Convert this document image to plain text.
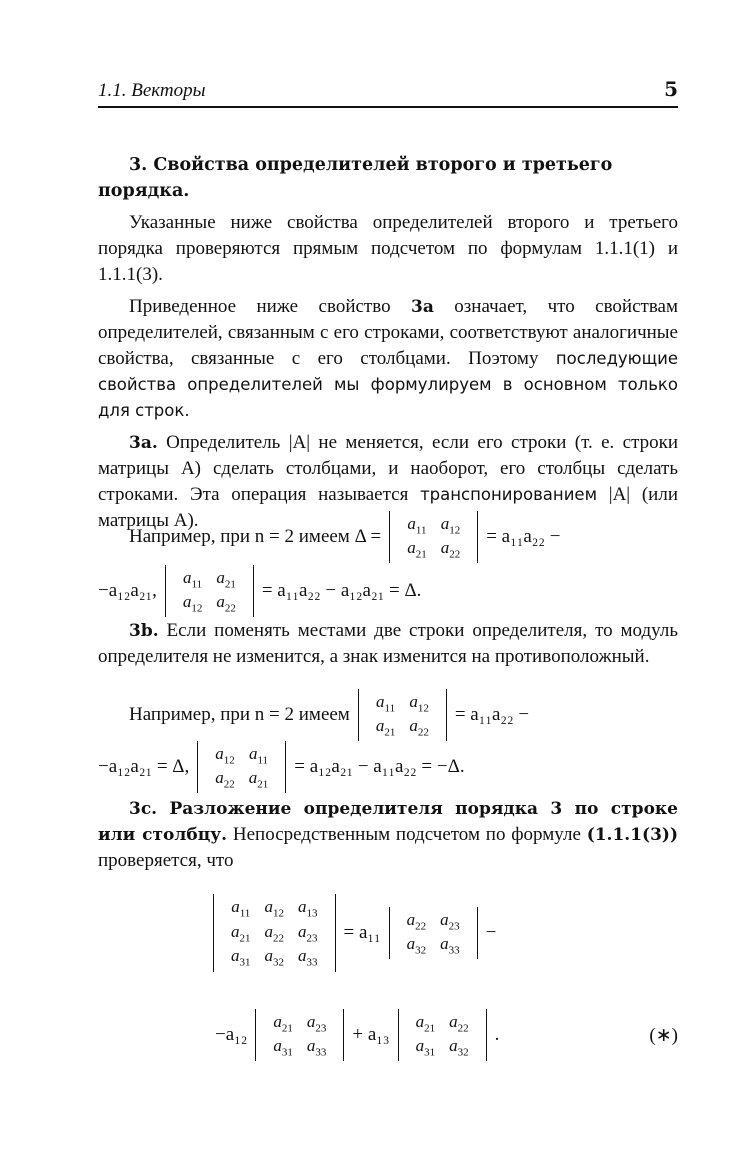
1.1. Векторы	5

3. Свойства определителей второго и третьего порядка.

Указанные ниже свойства определителей второго и третьего порядка проверяются прямым подсчетом по формулам 1.1.1(1) и 1.1.1(3).

Приведенное ниже свойство 3а означает, что свойствам определителей, связанным с его строками, соответствуют аналогичные свойства, связанные с его столбцами. Поэтому последующие свойства определителей мы формулируем в основном только для строк.

3а. Определитель |A| не меняется, если его строки (т. е. строки матрицы A) сделать столбцами, и наоборот, его столбцы сделать строками. Эта операция называется транспонированием |A| (или матрицы A).

Например, при n = 2 имеем Δ =
$a_{11}$	$a_{12}$
$a_{21}$	$a_{22}$
= a₁₁a₂₂ −
−a₁₂a₂₁,
$a_{11}$	$a_{21}$
$a_{12}$	$a_{22}$
= a₁₁a₂₂ − a₁₂a₂₁ = Δ.

3b. Если поменять местами две строки определителя, то модуль определителя не изменится, а знак изменится на противоположный.

Например, при n = 2 имеем
$a_{11}$	$a_{12}$
$a_{21}$	$a_{22}$
= a₁₁a₂₂ −
−a₁₂a₂₁ = Δ,
$a_{12}$	$a_{11}$
$a_{22}$	$a_{21}$
= a₁₂a₂₁ − a₁₁a₂₂ = −Δ.

3с. Разложение определителя порядка 3 по строке или столбцу. Непосредственным подсчетом по формуле (1.1.1(3)) проверяется, что

$a_{11}$	$a_{12}$	$a_{13}$
$a_{21}$	$a_{22}$	$a_{23}$
$a_{31}$	$a_{32}$	$a_{33}$
= a₁₁
$a_{22}$	$a_{23}$
$a_{32}$	$a_{33}$
−
−a₁₂
$a_{21}$	$a_{23}$
$a_{31}$	$a_{33}$
+ a₁₃
$a_{21}$	$a_{22}$
$a_{31}$	$a_{32}$
.	(∗)
